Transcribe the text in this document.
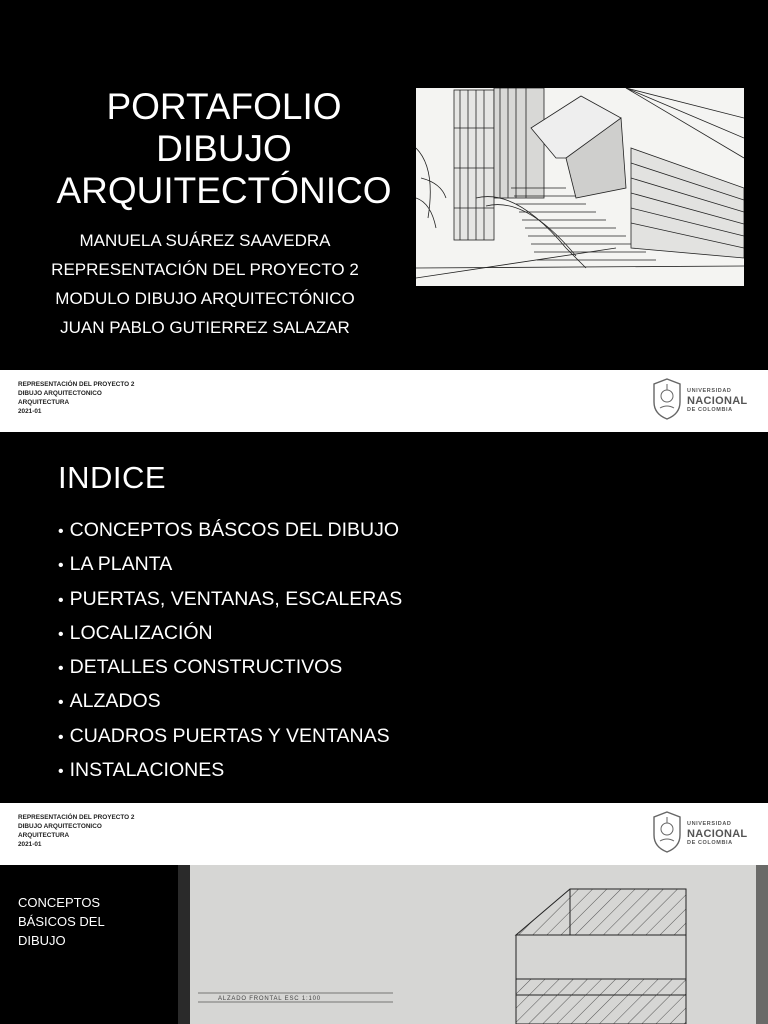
PORTAFOLIO DIBUJO
ARQUITECTÓNICO
MANUELA SUÁREZ SAAVEDRA
REPRESENTACIÓN DEL PROYECTO 2
MODULO DIBUJO ARQUITECTÓNICO
JUAN PABLO GUTIERREZ SALAZAR
REPRESENTACIÓN DEL PROYECTO 2
DIBUJO ARQUITECTONICO
ARQUITECTURA
2021-01
UNIVERSIDAD
NACIONAL
DE COLOMBIA
INDICE
• CONCEPTOS BÁSCOS DEL DIBUJO
• LA PLANTA
• PUERTAS, VENTANAS, ESCALERAS
• LOCALIZACIÓN
• DETALLES CONSTRUCTIVOS
• ALZADOS
• CUADROS PUERTAS Y VENTANAS
• INSTALACIONES
REPRESENTACIÓN DEL PROYECTO 2
DIBUJO ARQUITECTONICO
ARQUITECTURA
2021-01
UNIVERSIDAD
NACIONAL
DE COLOMBIA
CONCEPTOS
BÁSICOS DEL
DIBUJO
ALZADO FRONTAL ESC 1:100
